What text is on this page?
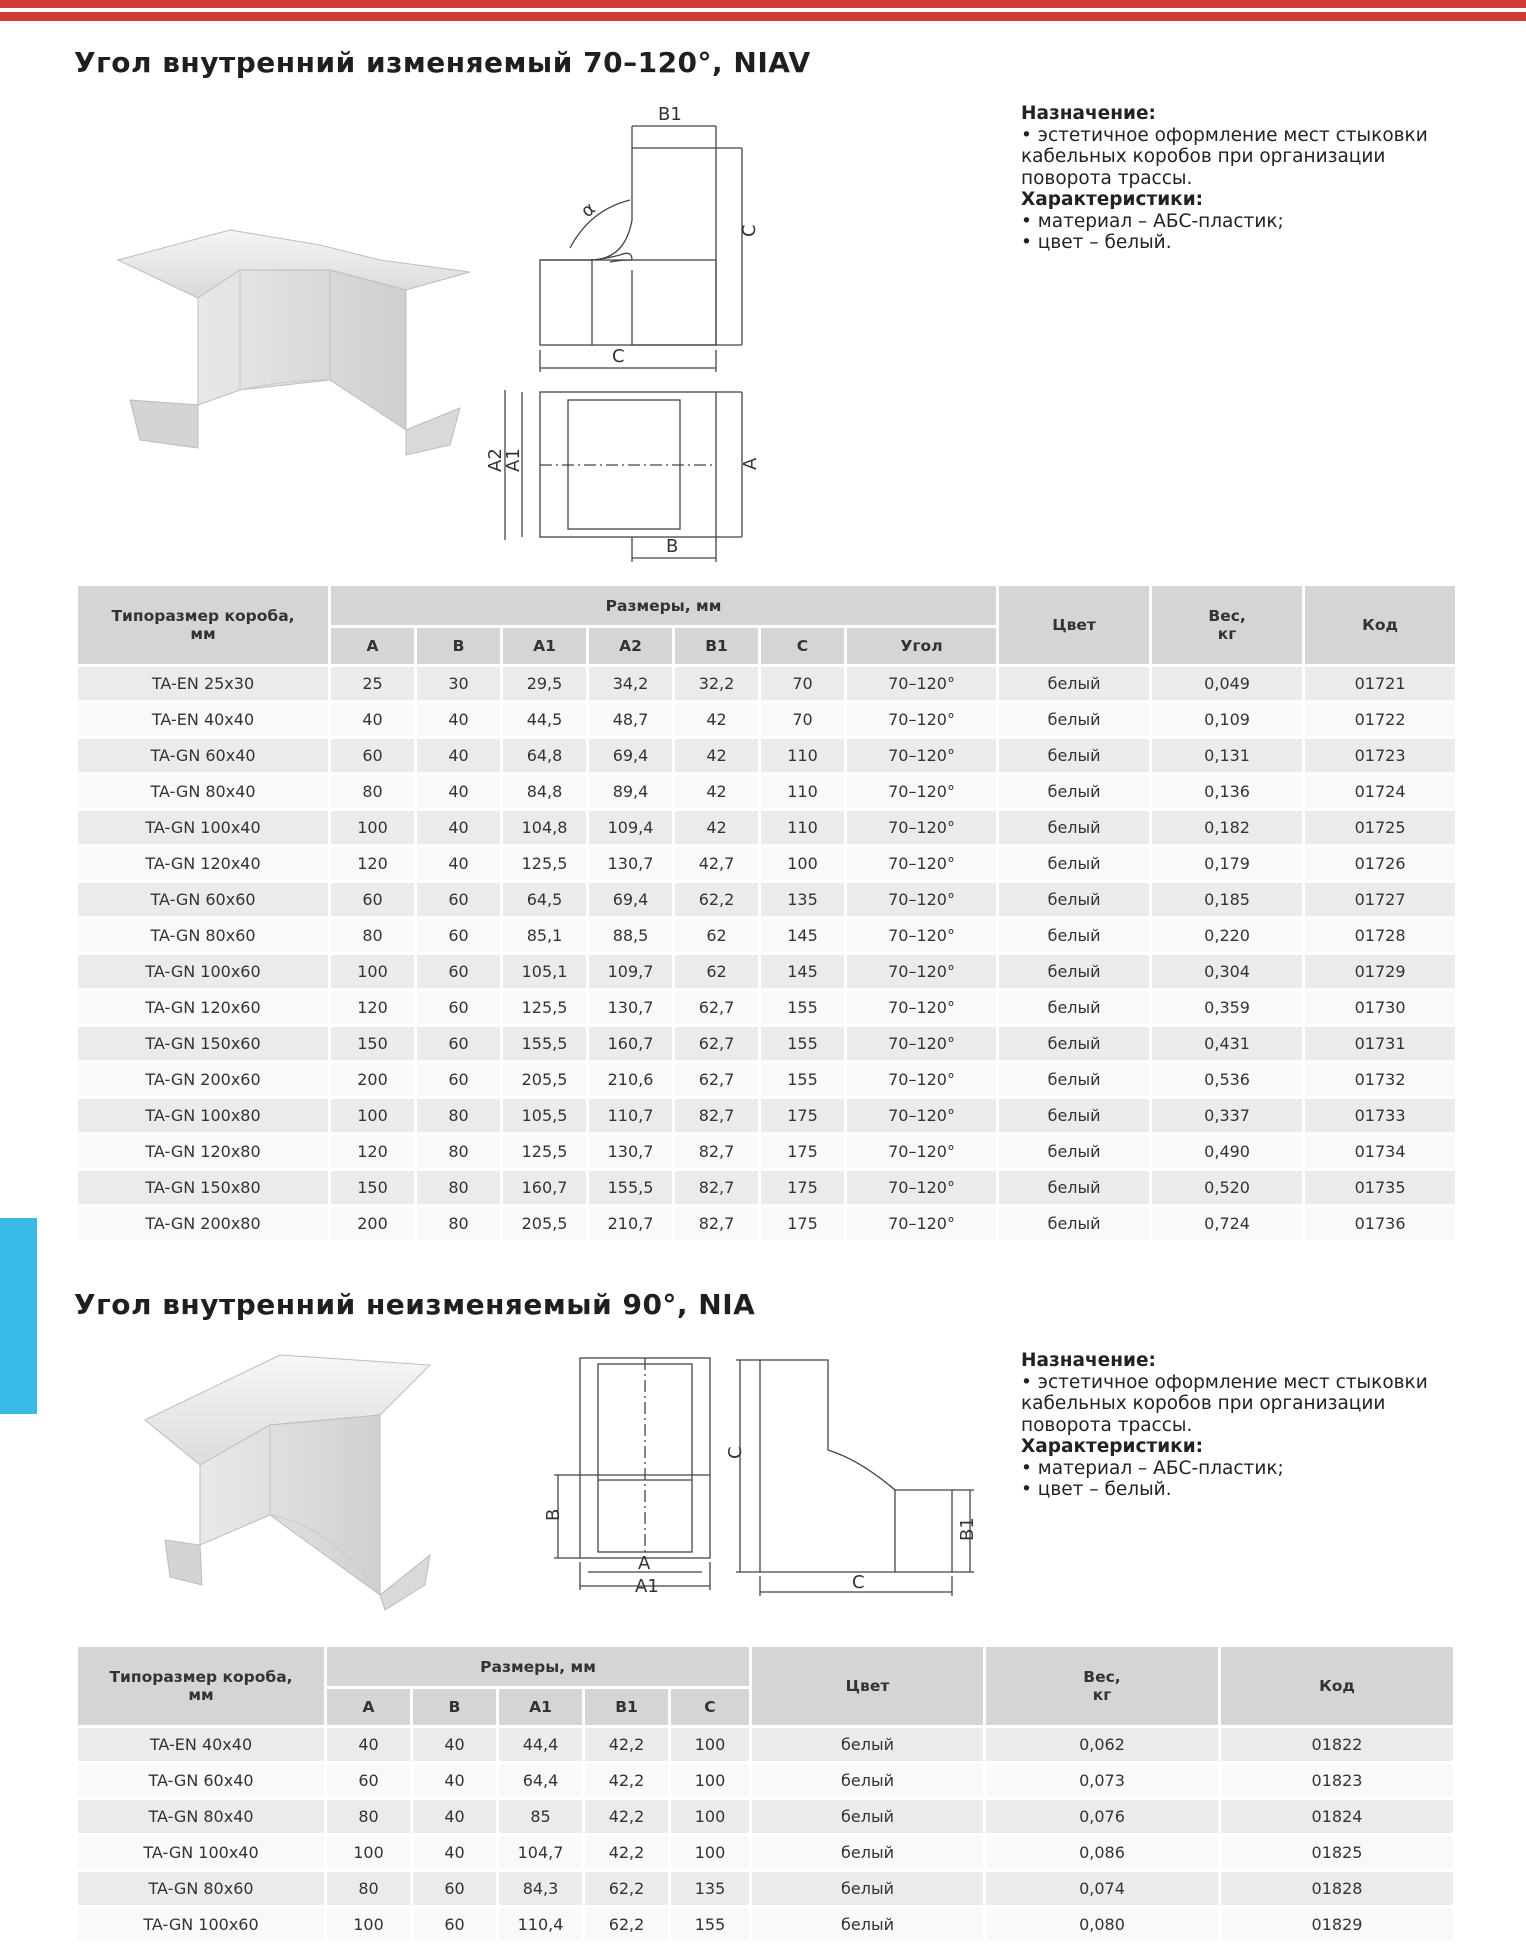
Угол внутренний изменяемый 70–120°, NIAV
B1
α
C
C
A2
A1	A
B
Назначение:
• эстетичное оформление мест стыковки
кабельных коробов при организации
поворота трассы.
Характеристики:
• материал – АБС-пластик;
• цвет – белый.
Типоразмер короба, мм	Размеры, мм							Цвет	Вес, кг	Код
	A	B	A1	A2	B1	C	Угол			
TA-EN 25x30	25	30	29,5	34,2	32,2	70	70–120°	белый	0,049	01721
TA-EN 40x40	40	40	44,5	48,7	42	70	70–120°	белый	0,109	01722
TA-GN 60x40	60	40	64,8	69,4	42	110	70–120°	белый	0,131	01723
TA-GN 80x40	80	40	84,8	89,4	42	110	70–120°	белый	0,136	01724
TA-GN 100x40	100	40	104,8	109,4	42	110	70–120°	белый	0,182	01725
TA-GN 120x40	120	40	125,5	130,7	42,7	100	70–120°	белый	0,179	01726
TA-GN 60x60	60	60	64,5	69,4	62,2	135	70–120°	белый	0,185	01727
TA-GN 80x60	80	60	85,1	88,5	62	145	70–120°	белый	0,220	01728
TA-GN 100x60	100	60	105,1	109,7	62	145	70–120°	белый	0,304	01729
TA-GN 120x60	120	60	125,5	130,7	62,7	155	70–120°	белый	0,359	01730
TA-GN 150x60	150	60	155,5	160,7	62,7	155	70–120°	белый	0,431	01731
TA-GN 200x60	200	60	205,5	210,6	62,7	155	70–120°	белый	0,536	01732
TA-GN 100x80	100	80	105,5	110,7	82,7	175	70–120°	белый	0,337	01733
TA-GN 120x80	120	80	125,5	130,7	82,7	175	70–120°	белый	0,490	01734
TA-GN 150x80	150	80	160,7	155,5	82,7	175	70–120°	белый	0,520	01735
TA-GN 200x80	200	80	205,5	210,7	82,7	175	70–120°	белый	0,724	01736
Угол внутренний неизменяемый 90°, NIA
B
A
A1
C
B1
C
Назначение:
• эстетичное оформление мест стыковки
кабельных коробов при организации
поворота трассы.
Характеристики:
• материал – АБС-пластик;
• цвет – белый.
Типоразмер короба, мм	Размеры, мм					Цвет	Вес, кг	Код
	A	B	A1	B1	C			
TA-EN 40x40	40	40	44,4	42,2	100	белый	0,062	01822
TA-GN 60x40	60	40	64,4	42,2	100	белый	0,073	01823
TA-GN 80x40	80	40	85	42,2	100	белый	0,076	01824
TA-GN 100x40	100	40	104,7	42,2	100	белый	0,086	01825
TA-GN 80x60	80	60	84,3	62,2	135	белый	0,074	01828
TA-GN 100x60	100	60	110,4	62,2	155	белый	0,080	01829
